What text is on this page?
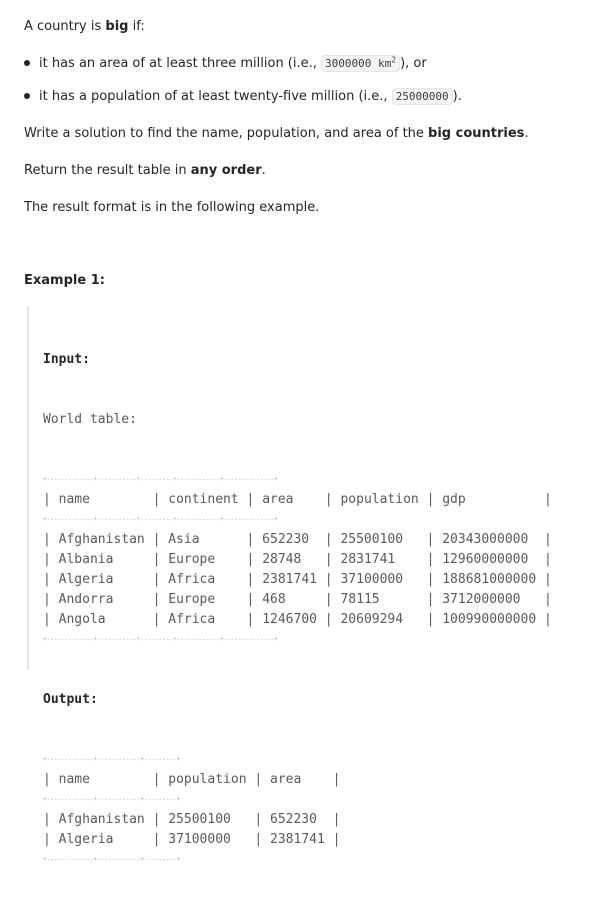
A country is big if:

it has an area of at least three million (i.e., 3000000 $km^2$ ), or
it has a population of at least twenty-five million (i.e., 25000000 ).

Write a solution to find the name, population, and area of the big countries.

Return the result table in any order.

The result format is in the following example.

Example 1:

Input:

World table:

+-------------+-----------+---------+------------+--------------+
| name        | continent | area    | population | gdp          |
+-------------+-----------+---------+------------+--------------+
| Afghanistan | Asia      | 652230  | 25500100   | 20343000000  |
| Albania     | Europe    | 28748   | 2831741    | 12960000000  |
| Algeria     | Africa    | 2381741 | 37100000   | 188681000000 |
| Andorra     | Europe    | 468     | 78115      | 3712000000   |
| Angola      | Africa    | 1246700 | 20609294   | 100990000000 |
+-------------+-----------+---------+------------+--------------+

Output:

+-------------+------------+---------+
| name        | population | area    |
+-------------+------------+---------+
| Afghanistan | 25500100   | 652230  |
| Algeria     | 37100000   | 2381741 |
+-------------+------------+---------+
